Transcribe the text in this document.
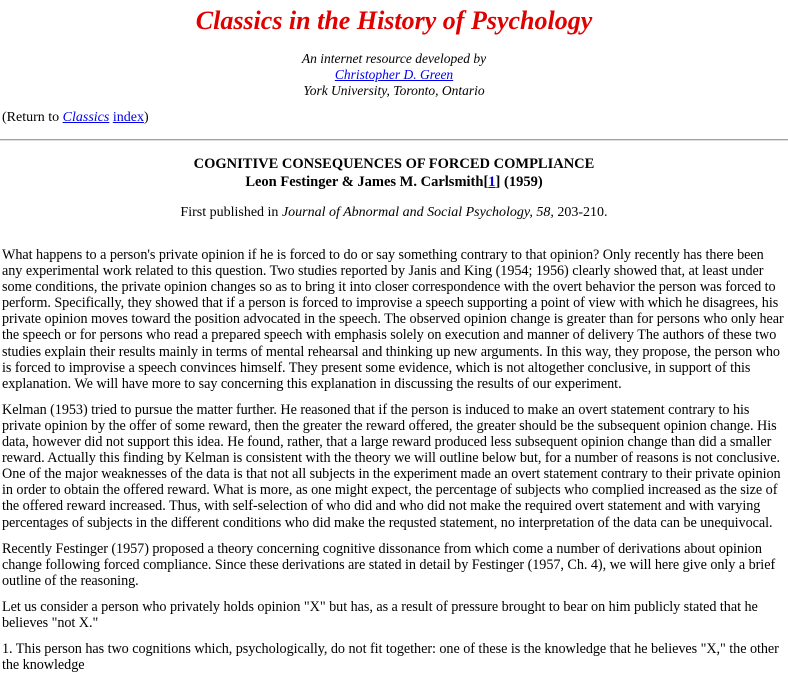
Classics in the History of Psychology
An internet resource developed by
Christopher D. Green
York University, Toronto, Ontario
(Return to Classics index)
COGNITIVE CONSEQUENCES OF FORCED COMPLIANCE
Leon Festinger & James M. Carlsmith[1] (1959)
First published in Journal of Abnormal and Social Psychology, 58, 203-210.

What happens to a person's private opinion if he is forced to do or say something contrary to that opinion? Only recently has there been any experimental work related to this question. Two studies reported by Janis and King (1954; 1956) clearly showed that, at least under some conditions, the private opinion changes so as to bring it into closer correspondence with the overt behavior the person was forced to perform. Specifically, they showed that if a person is forced to improvise a speech supporting a point of view with which he disagrees, his private opinion moves toward the position advocated in the speech. The observed opinion change is greater than for persons who only hear the speech or for persons who read a prepared speech with emphasis solely on execution and manner of delivery The authors of these two studies explain their results mainly in terms of mental rehearsal and thinking up new arguments. In this way, they propose, the person who is forced to improvise a speech convinces himself. They present some evidence, which is not altogether conclusive, in support of this explanation. We will have more to say concerning this explanation in discussing the results of our experiment.

Kelman (1953) tried to pursue the matter further. He reasoned that if the person is induced to make an overt statement contrary to his private opinion by the offer of some reward, then the greater the reward offered, the greater should be the subsequent opinion change. His data, however did not support this idea. He found, rather, that a large reward produced less subsequent opinion change than did a smaller reward. Actually this finding by Kelman is consistent with the theory we will outline below but, for a number of reasons is not conclusive. One of the major weaknesses of the data is that not all subjects in the experiment made an overt statement contrary to their private opinion in order to obtain the offered reward. What is more, as one might expect, the percentage of subjects who complied increased as the size of the offered reward increased. Thus, with self-selection of who did and who did not make the required overt statement and with varying percentages of subjects in the different conditions who did make the requsted statement, no interpretation of the data can be unequivocal.

Recently Festinger (1957) proposed a theory concerning cognitive dissonance from which come a number of derivations about opinion change following forced compliance. Since these derivations are stated in detail by Festinger (1957, Ch. 4), we will here give only a brief outline of the reasoning.

Let us consider a person who privately holds opinion "X" but has, as a result of pressure brought to bear on him publicly stated that he believes "not X."

1. This person has two cognitions which, psychologically, do not fit together: one of these is the knowledge that he believes "X," the other the knowledge
